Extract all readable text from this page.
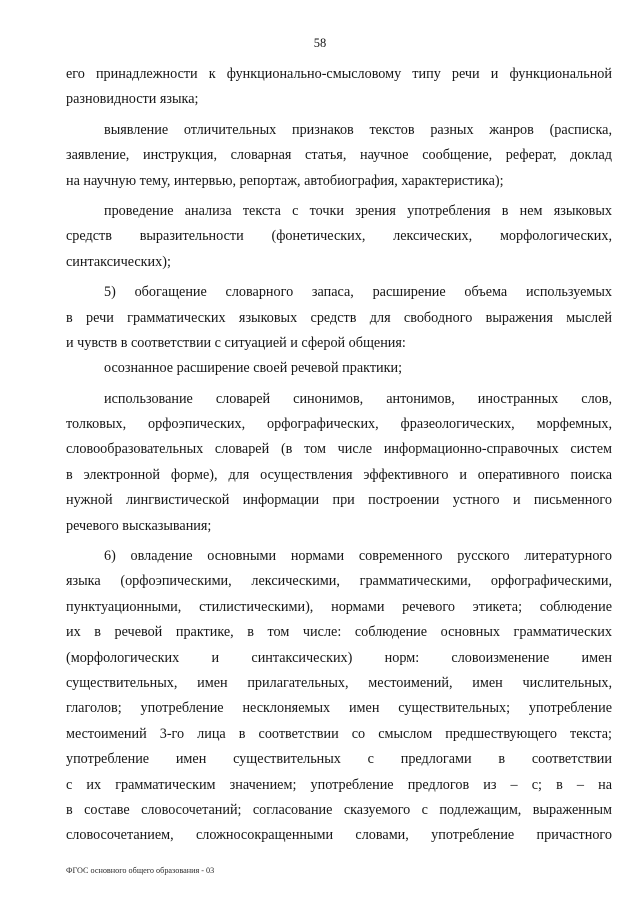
58
его принадлежности к функционально-смысловому типу речи и функциональной
разновидности языка;
выявление отличительных признаков текстов разных жанров (расписка,
заявление, инструкция, словарная статья, научное сообщение, реферат, доклад
на научную тему, интервью, репортаж, автобиография, характеристика);
проведение анализа текста с точки зрения употребления в нем языковых
средств выразительности (фонетических, лексических, морфологических,
синтаксических);
5) обогащение словарного запаса, расширение объема используемых
в речи грамматических языковых средств для свободного выражения мыслей
и чувств в соответствии с ситуацией и сферой общения:
осознанное расширение своей речевой практики;
использование словарей синонимов, антонимов, иностранных слов,
толковых, орфоэпических, орфографических, фразеологических, морфемных,
словообразовательных словарей (в том числе информационно-справочных систем
в электронной форме), для осуществления эффективного и оперативного поиска
нужной лингвистической информации при построении устного и письменного
речевого высказывания;
6) овладение основными нормами современного русского литературного
языка (орфоэпическими, лексическими, грамматическими, орфографическими,
пунктуационными, стилистическими), нормами речевого этикета; соблюдение
их в речевой практике, в том числе: соблюдение основных грамматических
(морфологических и синтаксических) норм: словоизменение имен
существительных, имен прилагательных, местоимений, имен числительных,
глаголов; употребление несклоняемых имен существительных; употребление
местоимений 3-го лица в соответствии со смыслом предшествующего текста;
употребление имен существительных с предлогами в соответствии
с их грамматическим значением; употребление предлогов из – с; в – на
в составе словосочетаний; согласование сказуемого с подлежащим, выраженным
словосочетанием, сложносокращенными словами, употребление причастного
ФГОС основного общего образования - 03
